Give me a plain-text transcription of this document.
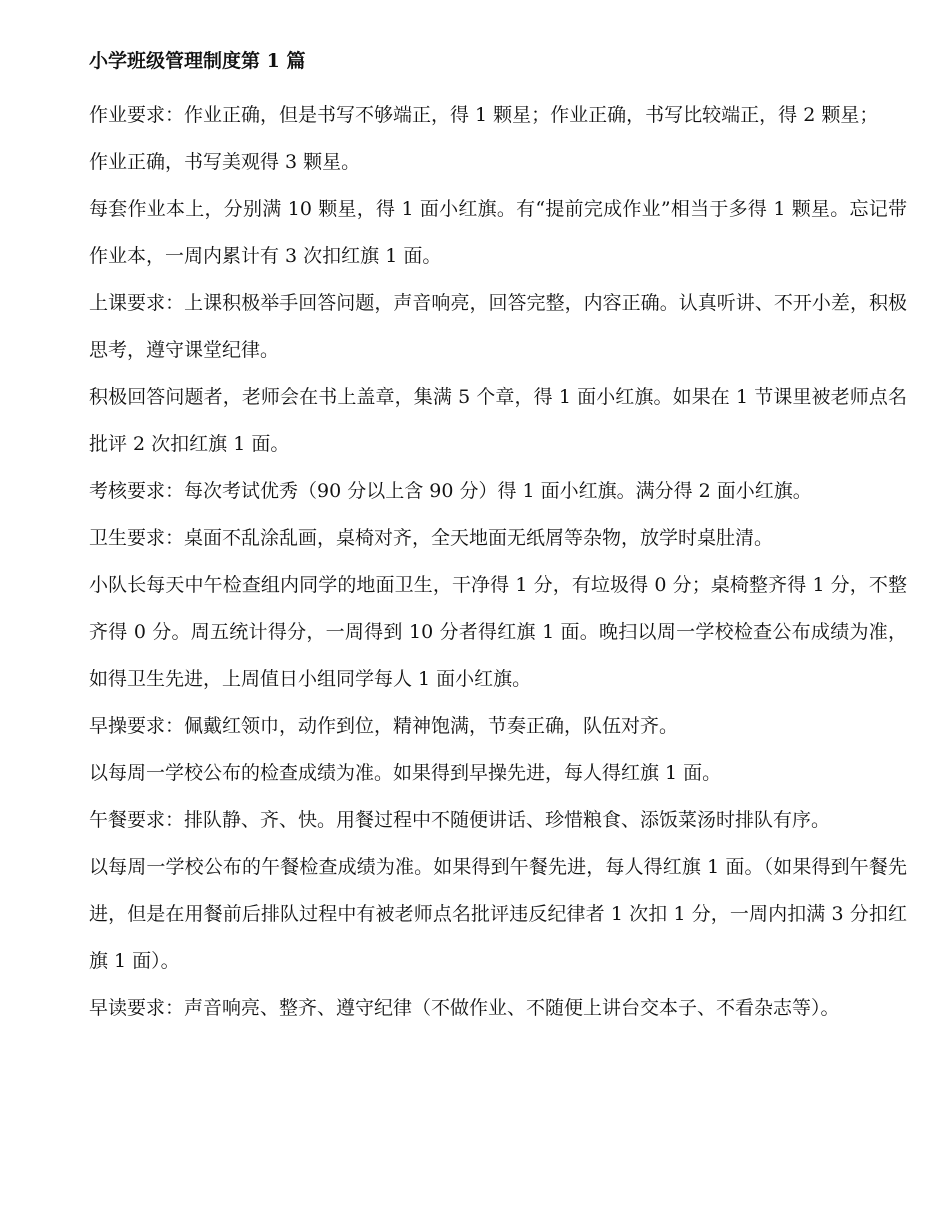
小学班级管理制度第 1 篇

作业要求：作业正确，但是书写不够端正，得 1 颗星；作业正确，书写比较端正，得 2 颗星；

作业正确，书写美观得 3 颗星。

每套作业本上，分别满 10 颗星，得 1 面小红旗。有“提前完成作业”相当于多得 1 颗星。忘记带作业本，一周内累计有 3 次扣红旗 1 面。

上课要求：上课积极举手回答问题，声音响亮，回答完整，内容正确。认真听讲、不开小差，积极思考，遵守课堂纪律。

积极回答问题者，老师会在书上盖章，集满 5 个章，得 1 面小红旗。如果在 1 节课里被老师点名批评 2 次扣红旗 1 面。

考核要求：每次考试优秀（90 分以上含 90 分）得 1 面小红旗。满分得 2 面小红旗。

卫生要求：桌面不乱涂乱画，桌椅对齐，全天地面无纸屑等杂物，放学时桌肚清。

小队长每天中午检查组内同学的地面卫生，干净得 1 分，有垃圾得 0 分；桌椅整齐得 1 分，不整齐得 0 分。周五统计得分，一周得到 10 分者得红旗 1 面。晚扫以周一学校检查公布成绩为准，如得卫生先进，上周值日小组同学每人 1 面小红旗。

早操要求：佩戴红领巾，动作到位，精神饱满，节奏正确，队伍对齐。

以每周一学校公布的检查成绩为准。如果得到早操先进，每人得红旗 1 面。

午餐要求：排队静、齐、快。用餐过程中不随便讲话、珍惜粮食、添饭菜汤时排队有序。

以每周一学校公布的午餐检查成绩为准。如果得到午餐先进，每人得红旗 1 面。（如果得到午餐先进，但是在用餐前后排队过程中有被老师点名批评违反纪律者 1 次扣 1 分，一周内扣满 3 分扣红旗 1 面）。

早读要求：声音响亮、整齐、遵守纪律（不做作业、不随便上讲台交本子、不看杂志等）。
